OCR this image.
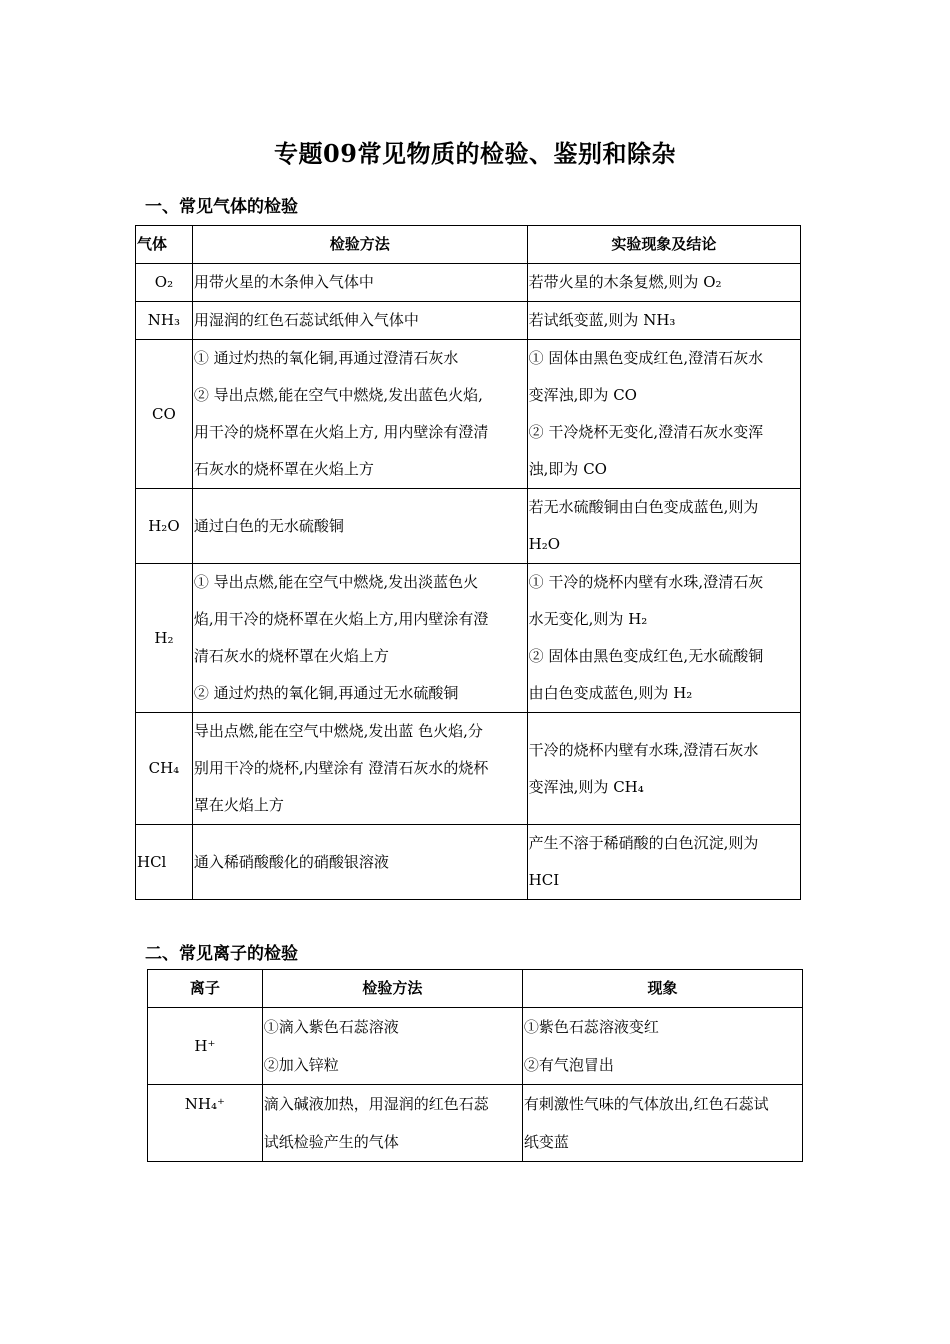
专题09常见物质的检验、鉴别和除杂
一、常见气体的检验
气体	检验方法	实验现象及结论
O₂	用带火星的木条伸入气体中	若带火星的木条复燃,则为 O₂

NH₃	用湿润的红色石蕊试纸伸入气体中	若试纸变蓝,则为 NH₃

CO	① 通过灼热的氧化铜,再通过澄清石灰水
② 导出点燃,能在空气中燃烧,发出蓝色火焰,
用干冷的烧杯罩在火焰上方, 用内壁涂有澄清
石灰水的烧杯罩在火焰上方	① 固体由黑色变成红色,澄清石灰水
变浑浊,即为 CO
② 干冷烧杯无变化,澄清石灰水变浑
浊,即为 CO

H₂O	通过白色的无水硫酸铜	若无水硫酸铜由白色变成蓝色,则为
H₂O

H₂	① 导出点燃,能在空气中燃烧,发出淡蓝色火
焰,用干冷的烧杯罩在火焰上方,用内壁涂有澄
清石灰水的烧杯罩在火焰上方
② 通过灼热的氧化铜,再通过无水硫酸铜	① 干冷的烧杯内壁有水珠,澄清石灰
水无变化,则为 H₂
② 固体由黑色变成红色,无水硫酸铜
由白色变成蓝色,则为 H₂

CH₄	导出点燃,能在空气中燃烧,发出蓝 色火焰,分
别用干冷的烧杯,内壁涂有 澄清石灰水的烧杯
罩在火焰上方	干冷的烧杯内壁有水珠,澄清石灰水
变浑浊,则为 CH₄

HCl	通入稀硝酸酸化的硝酸银溶液	产生不溶于稀硝酸的白色沉淀,则为
HCI
二、常见离子的检验
离子	检验方法	现象
H⁺	①滴入紫色石蕊溶液
②加入锌粒	①紫色石蕊溶液变红
②有气泡冒出

NH₄⁺	滴入碱液加热，用湿润的红色石蕊
试纸检验产生的气体	有刺激性气味的气体放出,红色石蕊试
纸变蓝
